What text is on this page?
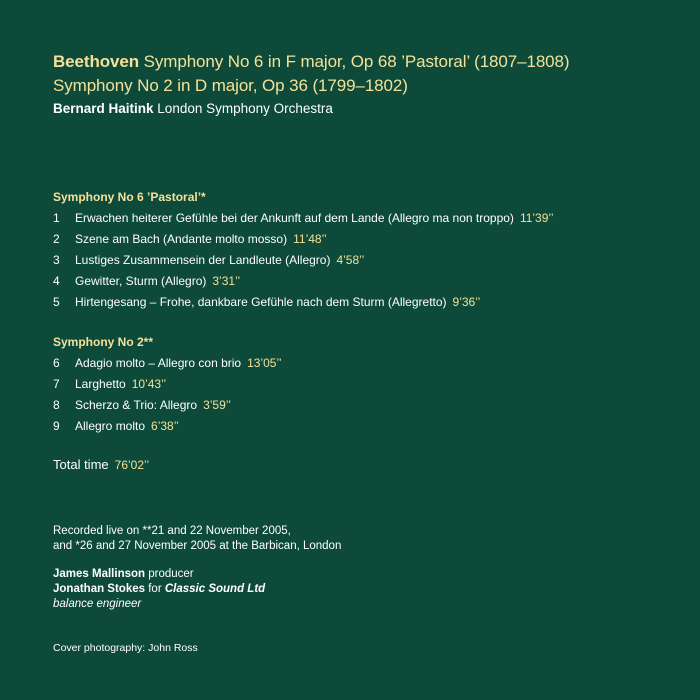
Beethoven Symphony No 6 in F major, Op 68 ’Pastoral’ (1807–1808)
Symphony No 2 in D major, Op 36 (1799–1802)
Bernard Haitink London Symphony Orchestra
Symphony No 6 ’Pastoral’*
1	Erwachen heiterer Gefühle bei der Ankunft auf dem Lande (Allegro ma non troppo) 11’39’’
2	Szene am Bach (Andante molto mosso) 11’48’’
3	Lustiges Zusammensein der Landleute (Allegro) 4’58’’
4	Gewitter, Sturm (Allegro) 3’31’’
5	Hirtengesang – Frohe, dankbare Gefühle nach dem Sturm (Allegretto) 9’36’’
Symphony No 2**
6	Adagio molto – Allegro con brio 13’05’’
7	Larghetto 10’43’’
8	Scherzo & Trio: Allegro 3’59’’
9	Allegro molto 6’38’’
Total time 76’02’’
Recorded live on **21 and 22 November 2005,
and *26 and 27 November 2005 at the Barbican, London
James Mallinson producer
Jonathan Stokes for Classic Sound Ltd
balance engineer
Cover photography: John Ross
